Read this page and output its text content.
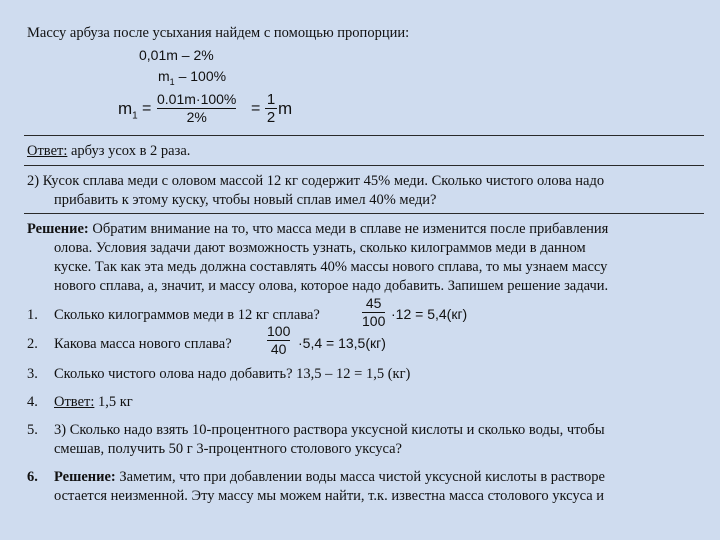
Массу арбуза после усыхания найдем с помощью пропорции:
0,01m – 2%
$m_1 - 100\%$
$m_1$ =
0.01m·100%
2%	=
1
2 m
Ответ: арбуз усох в 2 раза.
2) Кусок сплава меди с оловом массой 12 кг содержит 45% меди. Сколько чистого олова надо
прибавить к этому куску, чтобы новый сплав имел 40% меди?
Решение: Обратим внимание на то, что масса меди в сплаве не изменится после прибавления
олова. Условия задачи дают возможность узнать, сколько килограммов меди в данном
куске. Так как эта медь должна составлять 40% массы нового сплава, то мы узнаем массу
нового сплава, а, значит, и массу олова, которое надо добавить. Запишем решение задачи.
1. Сколько килограммов меди в 12 кг сплава?
45
100 ·12 = 5,4(кг)
2. Какова масса нового сплава?
100
40 ·5,4 = 13,5(кг)
3. Сколько чистого олова надо добавить? 13,5 – 12 = 1,5 (кг)
4. Ответ: 1,5 кг
5. 3) Сколько надо взять 10-процентного раствора уксусной кислоты и сколько воды, чтобы
смешав, получить 50 г 3-процентного столового уксуса?
6. Решение: Заметим, что при добавлении воды масса чистой уксусной кислоты в растворе
остается неизменной. Эту массу мы можем найти, т.к. известна масса столового уксуса и
